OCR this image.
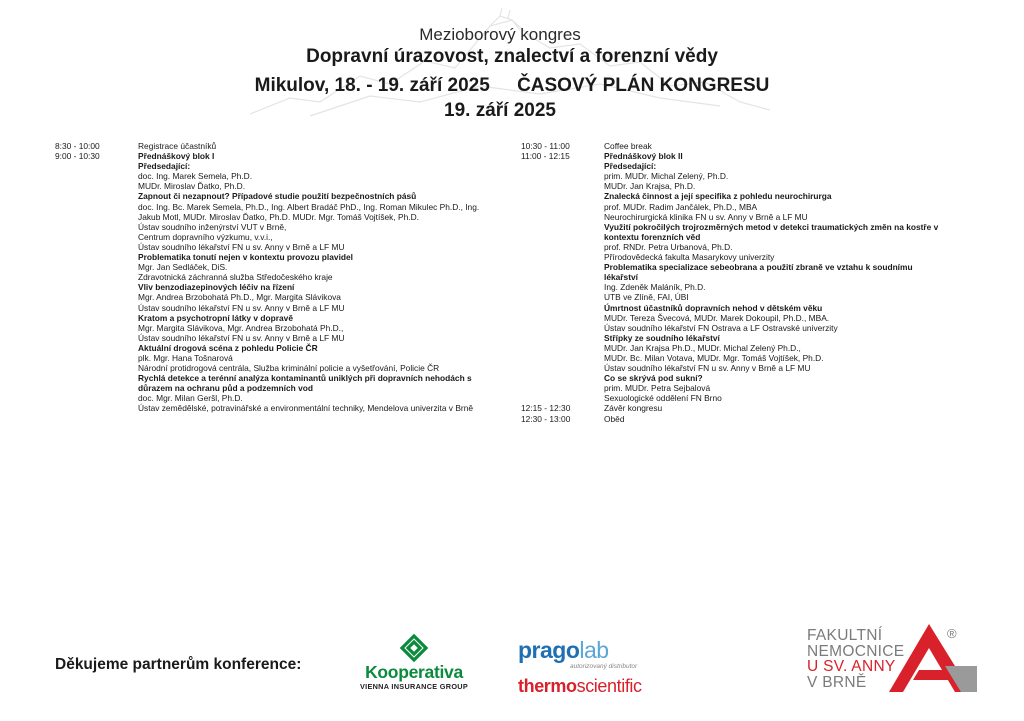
Mezioborový kongres
Dopravní úrazovost, znalectví a forenzní vědy
Mikulov, 18. - 19. září 2025 ČASOVÝ PLÁN KONGRESU
19. září 2025
8:30 - 10:00	Registrace účastníků
9:00 - 10:30	Přednáškový blok I
Předsedající:
doc. Ing. Marek Semela, Ph.D.
MUDr. Miroslav Ďatko, Ph.D.
Zapnout či nezapnout? Případové studie použití bezpečnostních pásů
doc. Ing. Bc. Marek Semela, Ph.D., Ing. Albert Bradáč PhD., Ing. Roman Mikulec Ph.D., Ing. Jakub Motl, MUDr. Miroslav Ďatko, Ph.D. MUDr. Mgr. Tomáš Vojtíšek, Ph.D.
Ústav soudního inženýrství VUT v Brně,
Centrum dopravního výzkumu, v.v.i.,
Ústav soudního lékařství FN u sv. Anny v Brně a LF MU
Problematika tonutí nejen v kontextu provozu plavidel
Mgr. Jan Sedláček, DiS.
Zdravotnická záchranná služba Středočeského kraje
Vliv benzodiazepinových léčiv na řízení
Mgr. Andrea Brzobohatá Ph.D., Mgr. Margita Slávikova
Ústav soudního lékařství FN u sv. Anny v Brně a LF MU
Kratom a psychotropní látky v dopravě
Mgr. Margita Slávikova, Mgr. Andrea Brzobohatá Ph.D.,
Ústav soudního lékařství FN u sv. Anny v Brně a LF MU
Aktuální drogová scéna z pohledu Policie ČR
plk. Mgr. Hana Tošnarová
Národní protidrogová centrála, Služba kriminální policie a vyšetřování, Policie ČR
Rychlá detekce a terénní analýza kontaminantů uniklých při dopravních nehodách s důrazem na ochranu půd a podzemních vod
doc. Mgr. Milan Geršl, Ph.D.
Ústav zemědělské, potravinářské a environmentální techniky, Mendelova univerzita v Brně
10:30 - 11:00	Coffee break
11:00 - 12:15	Přednáškový blok II
Předsedající:
prim. MUDr. Michal Zelený, Ph.D.
MUDr. Jan Krajsa, Ph.D.
Znalecká činnost a její specifika z pohledu neurochirurga
prof. MUDr. Radim Jančálek, Ph.D., MBA
Neurochirurgická klinika FN u sv. Anny v Brně a LF MU
Využití pokročilých trojrozměrných metod v detekci traumatických změn na kostře v kontextu forenzních věd
prof. RNDr. Petra Urbanová, Ph.D.
Přírodovědecká fakulta Masarykovy univerzity
Problematika specializace sebeobrana a použití zbraně ve vztahu k soudnímu lékařství
Ing. Zdeněk Maláník, Ph.D.
UTB ve Zlíně, FAI, ÚBI
Úmrtnost účastníků dopravních nehod v dětském věku
MUDr. Tereza Švecová, MUDr. Marek Dokoupil, Ph.D., MBA.
Ústav soudního lékařství FN Ostrava a LF Ostravské univerzity
Střípky ze soudního lékařství
MUDr. Jan Krajsa Ph.D., MUDr. Michal Zelený Ph.D.,
MUDr. Bc. Milan Votava, MUDr. Mgr. Tomáš Vojtíšek, Ph.D.
Ústav soudního lékařství FN u sv. Anny v Brně a LF MU
Co se skrývá pod sukní?
prim. MUDr. Petra Sejbalová
Sexuologické oddělení FN Brno
12:15 - 12:30	Závěr kongresu
12:30 - 13:00	Oběd
Děkujeme partnerům konference:	Kooperativa
VIENNA INSURANCE GROUP
pragolab
autorizovaný distributor
thermoscientific
FAKULTNÍ
NEMOCNICE
U SV. ANNY
V BRNĚ
®
